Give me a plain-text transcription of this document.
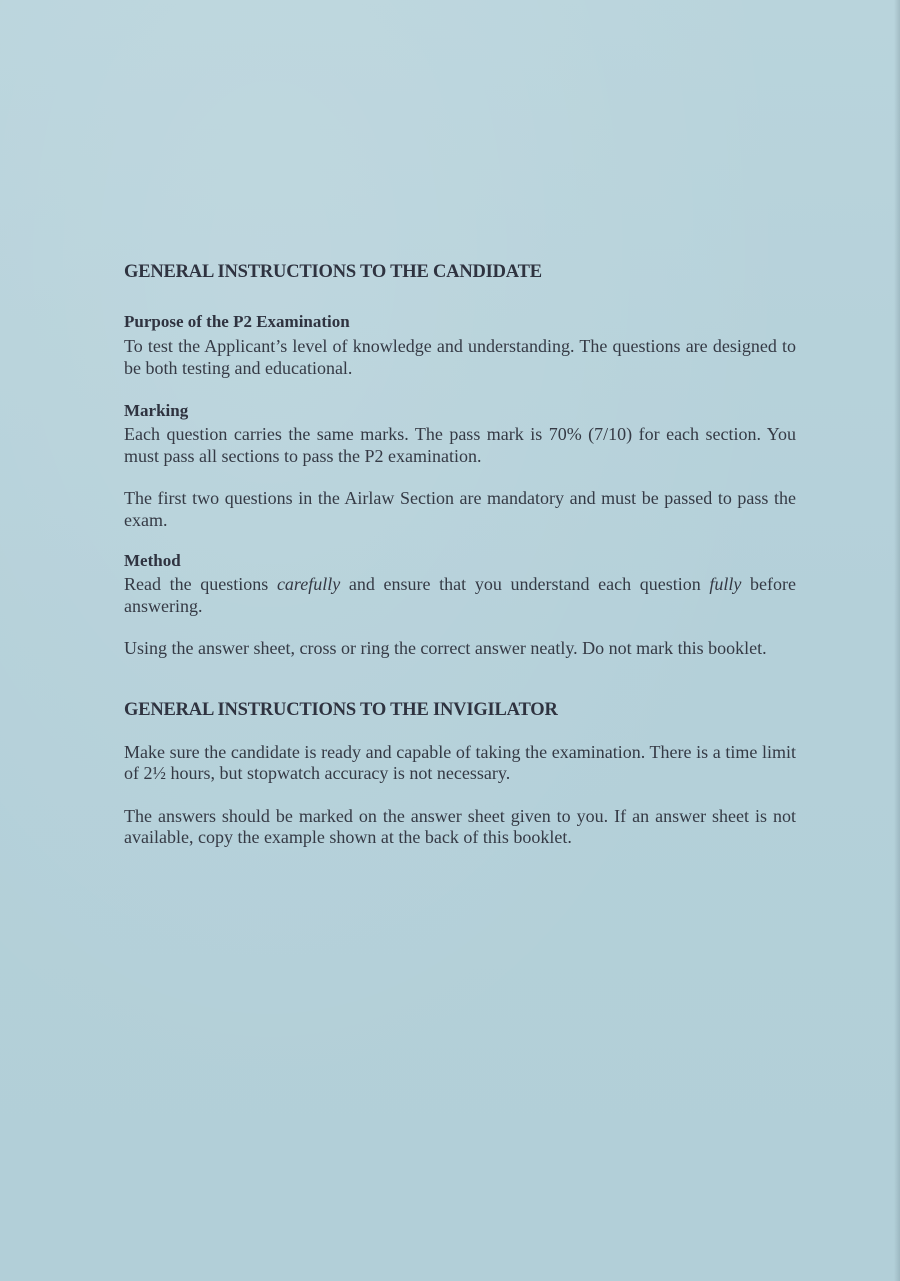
GENERAL INSTRUCTIONS TO THE CANDIDATE
Purpose of the P2 Examination

To test the Applicant’s level of knowledge and understanding. The questions are designed to be both testing and educational.

Marking

Each question carries the same marks. The pass mark is 70% (7/10) for each section. You must pass all sections to pass the P2 examination.

The first two questions in the Airlaw Section are mandatory and must be passed to pass the exam.

Method

Read the questions carefully and ensure that you understand each question fully before answering.

Using the answer sheet, cross or ring the correct answer neatly. Do not mark this booklet.

GENERAL INSTRUCTIONS TO THE INVIGILATOR

Make sure the candidate is ready and capable of taking the examination. There is a time limit of 2½ hours, but stopwatch accuracy is not necessary.

The answers should be marked on the answer sheet given to you. If an answer sheet is not available, copy the example shown at the back of this booklet.
